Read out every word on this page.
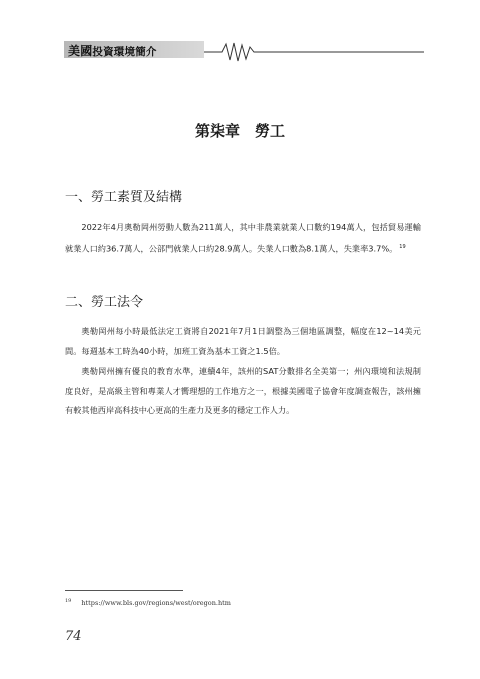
美國投資環境簡介
第柒章　勞工
一、勞工素質及結構

2022年4月奧勒岡州勞動人數為211萬人，其中非農業就業人口數約194萬人，包括貿易運輸就業人口約36.7萬人，公部門就業人口約28.9萬人。失業人口數為8.1萬人，失業率3.7%。 $^{19}$

二、勞工法令

奧勒岡州每小時最低法定工資將自2021年7月1日調整為三個地區調整，幅度在12~14美元間。每週基本工時為40小時，加班工資為基本工資之1.5倍。

奧勒岡州擁有優良的教育水準，連續4年，該州的SAT分數排名全美第一；州內環境和法規制度良好，是高級主管和專業人才嚮理想的工作地方之一，根據美國電子協會年度調查報告，該州擁有較其他西岸高科技中心更高的生產力及更多的穩定工作人力。

$^{19}$ https://www.bls.gov/regions/west/oregon.htm
74
